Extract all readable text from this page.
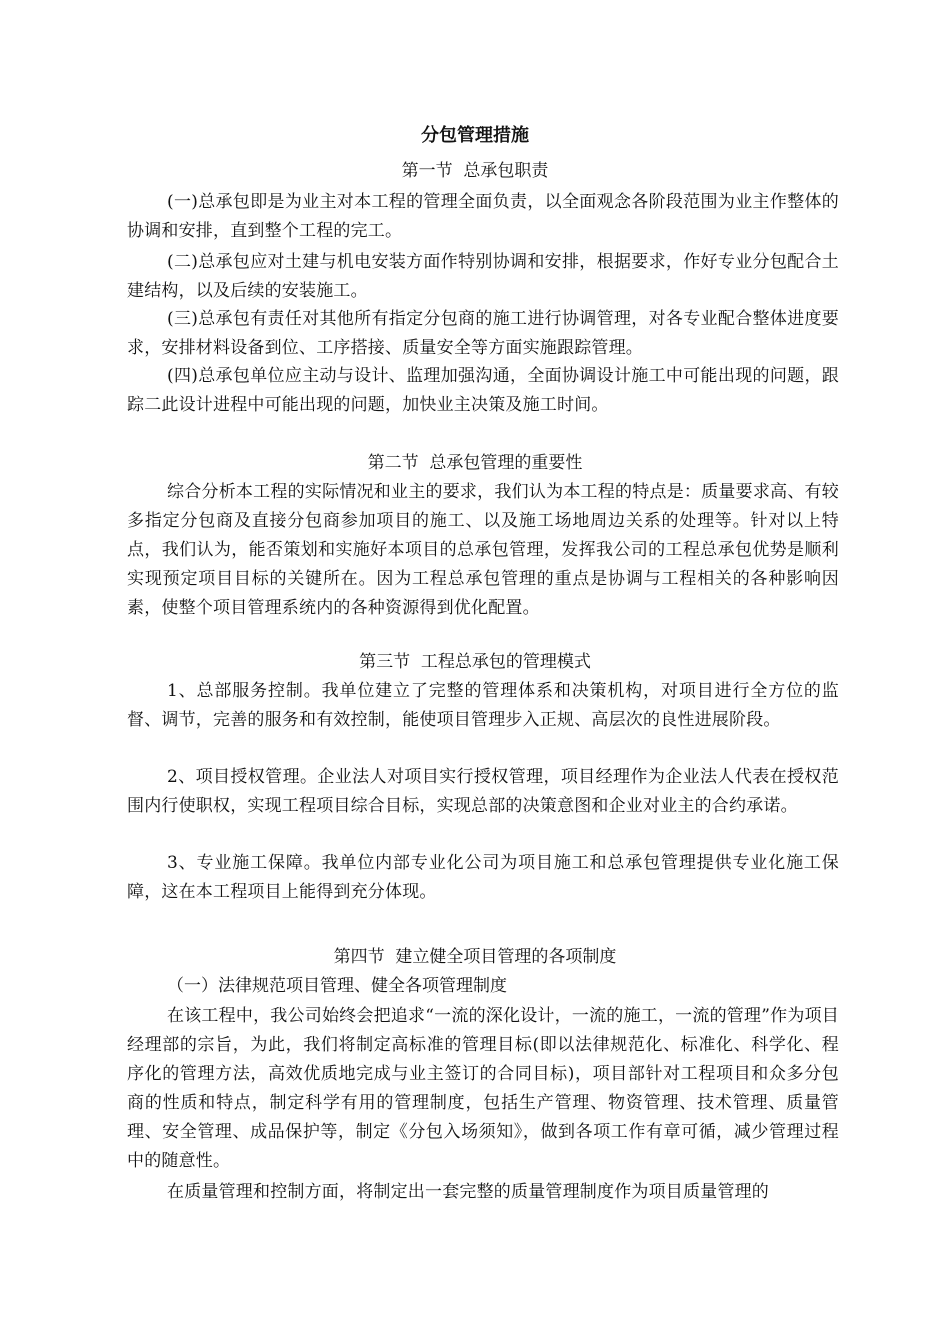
分包管理措施
第一节  总承包职责
(一)总承包即是为业主对本工程的管理全面负责，以全面观念各阶段范围为业主作整体的协调和安排，直到整个工程的完工。
(二)总承包应对土建与机电安装方面作特别协调和安排，根据要求，作好专业分包配合土建结构，以及后续的安装施工。
(三)总承包有责任对其他所有指定分包商的施工进行协调管理，对各专业配合整体进度要求，安排材料设备到位、工序搭接、质量安全等方面实施跟踪管理。
(四)总承包单位应主动与设计、监理加强沟通，全面协调设计施工中可能出现的问题，跟踪二此设计进程中可能出现的问题，加快业主决策及施工时间。
第二节  总承包管理的重要性
综合分析本工程的实际情况和业主的要求，我们认为本工程的特点是：质量要求高、有较多指定分包商及直接分包商参加项目的施工、以及施工场地周边关系的处理等。针对以上特点，我们认为，能否策划和实施好本项目的总承包管理，发挥我公司的工程总承包优势是顺利实现预定项目目标的关键所在。因为工程总承包管理的重点是协调与工程相关的各种影响因素，使整个项目管理系统内的各种资源得到优化配置。
第三节  工程总承包的管理模式
1、总部服务控制。我单位建立了完整的管理体系和决策机构，对项目进行全方位的监督、调节，完善的服务和有效控制，能使项目管理步入正规、高层次的良性进展阶段。
2、项目授权管理。企业法人对项目实行授权管理，项目经理作为企业法人代表在授权范围内行使职权，实现工程项目综合目标，实现总部的决策意图和企业对业主的合约承诺。
3、专业施工保障。我单位内部专业化公司为项目施工和总承包管理提供专业化施工保障，这在本工程项目上能得到充分体现。
第四节  建立健全项目管理的各项制度
（一）法律规范项目管理、健全各项管理制度
在该工程中，我公司始终会把追求“一流的深化设计，一流的施工，一流的管理”作为项目经理部的宗旨，为此，我们将制定高标准的管理目标(即以法律规范化、标准化、科学化、程序化的管理方法，高效优质地完成与业主签订的合同目标)，项目部针对工程项目和众多分包商的性质和特点，制定科学有用的管理制度，包括生产管理、物资管理、技术管理、质量管理、安全管理、成品保护等，制定《分包入场须知》，做到各项工作有章可循，减少管理过程中的随意性。
在质量管理和控制方面，将制定出一套完整的质量管理制度作为项目质量管理的
